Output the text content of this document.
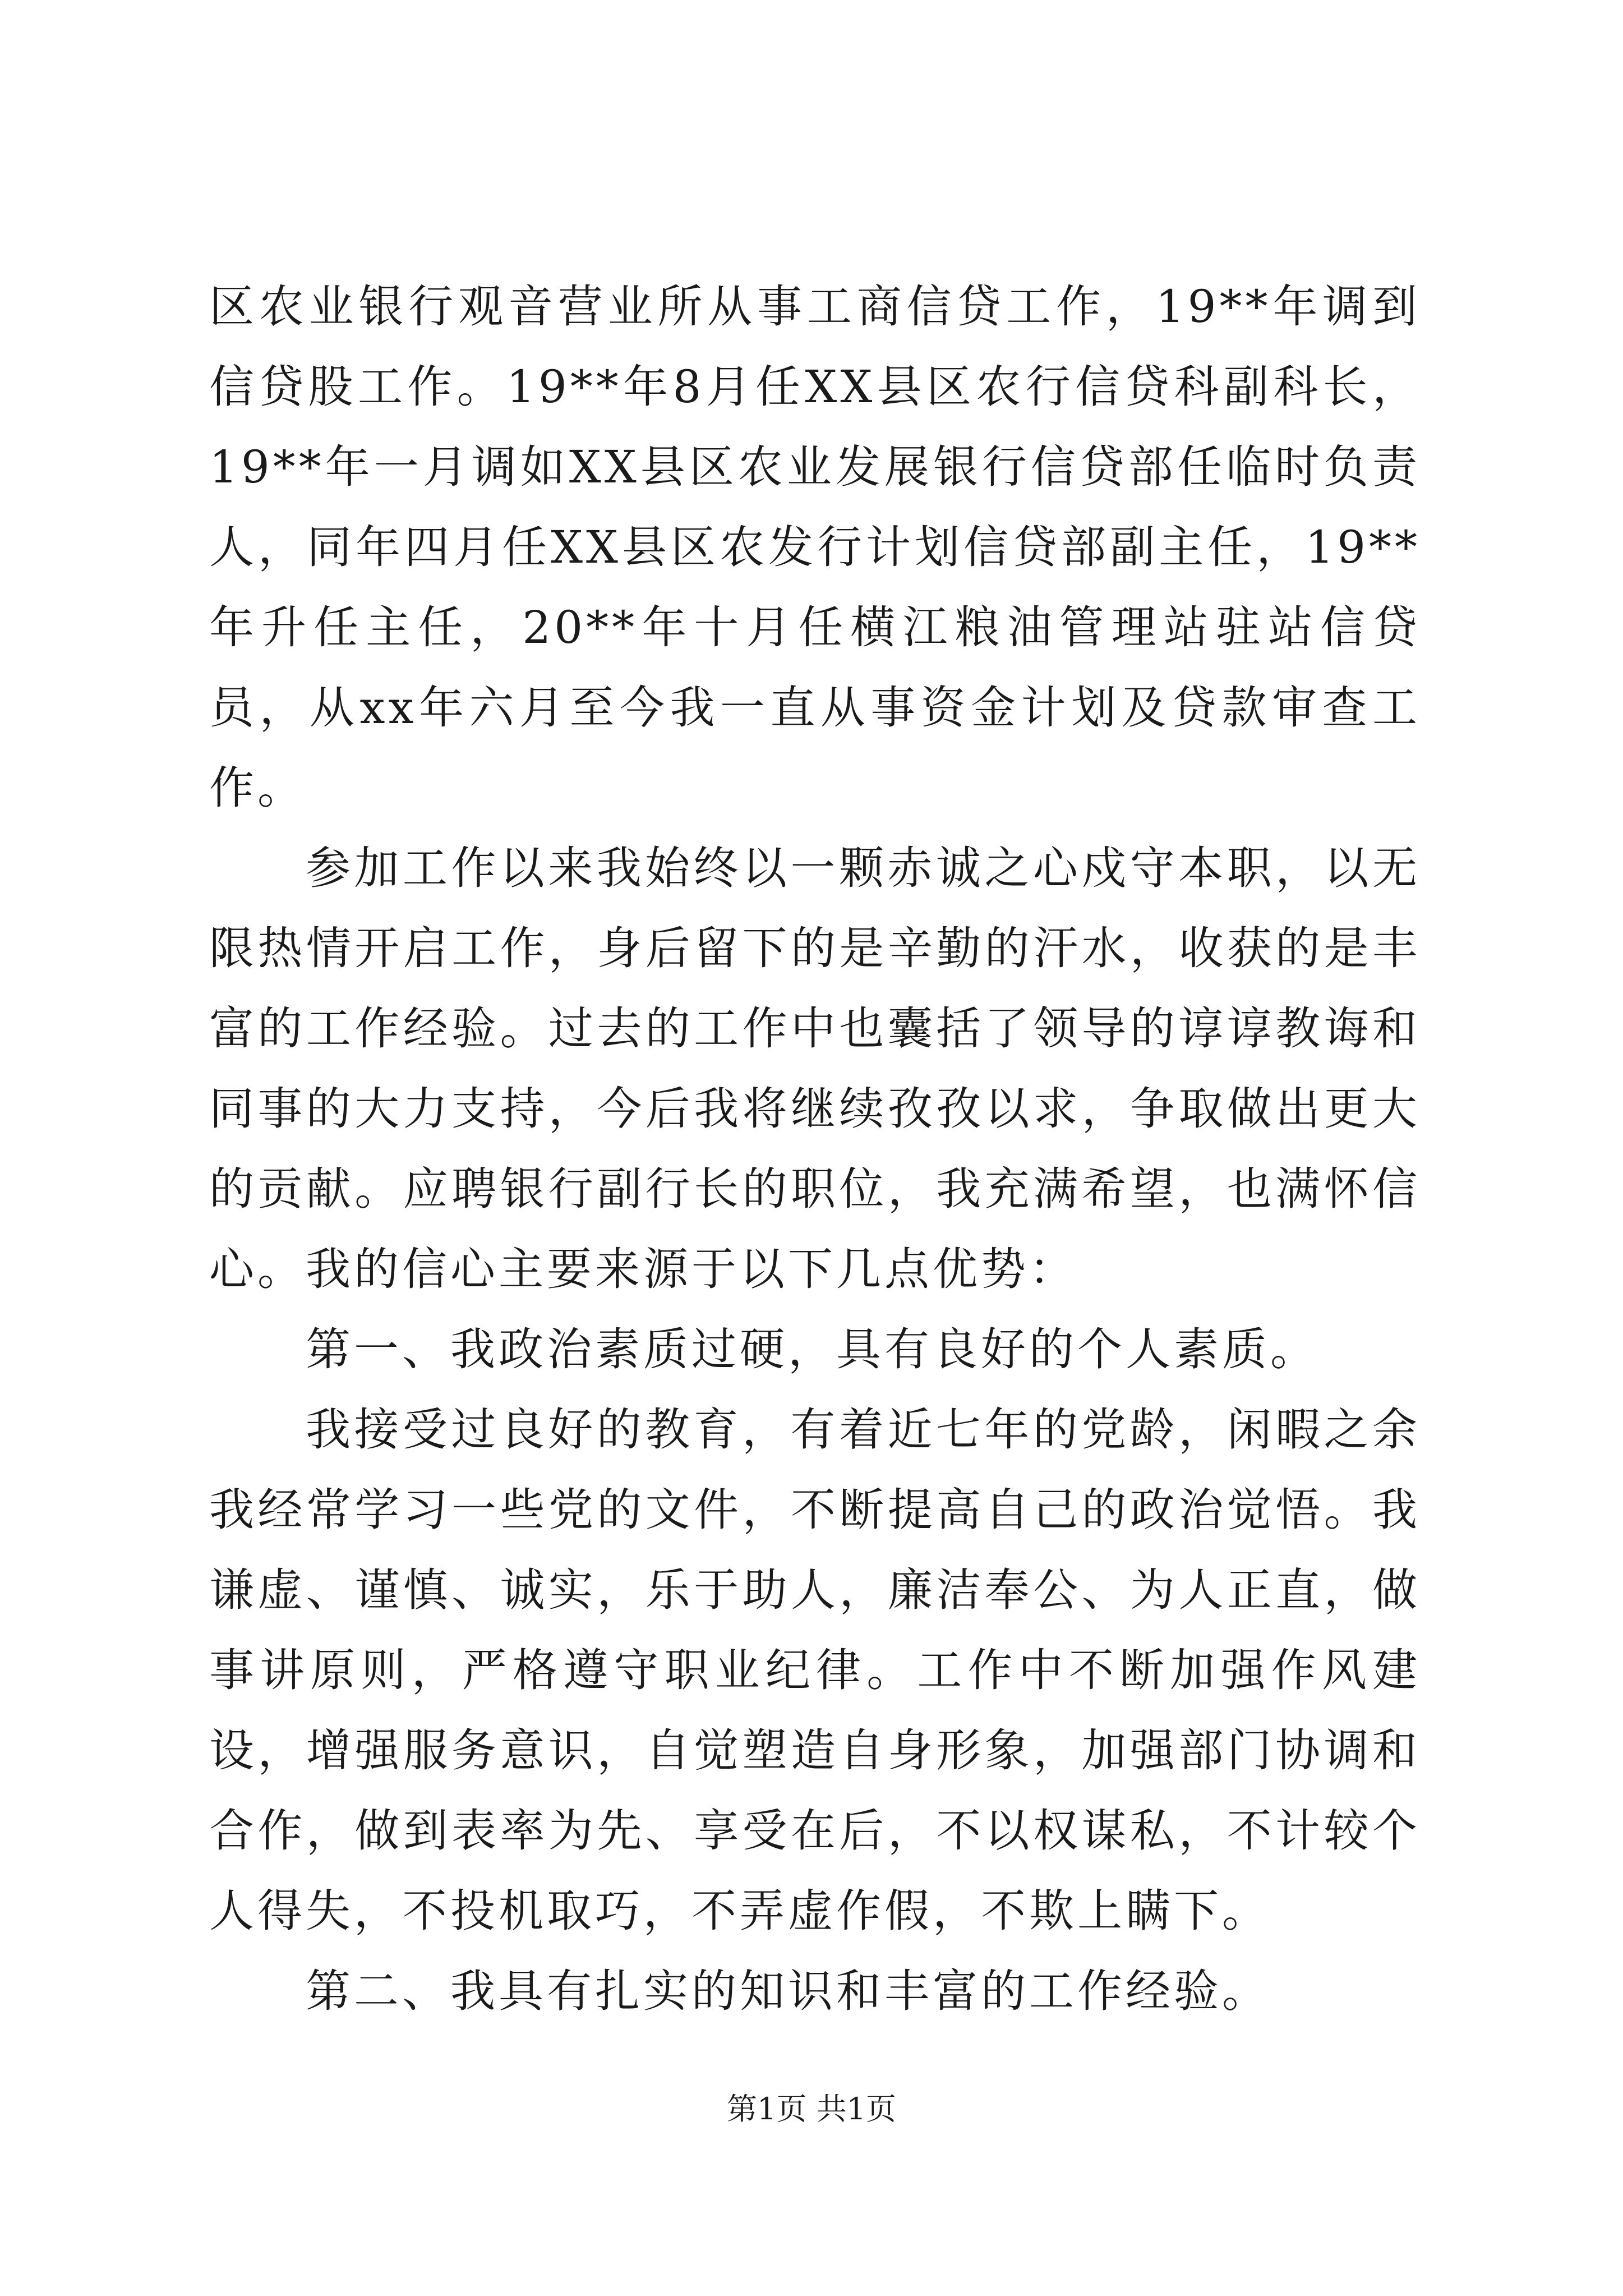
区农业银行观音营业所从事工商信贷工作，19**年调到信贷股工作。19**年8月任XX县区农行信贷科副科长，19**年一月调如XX县区农业发展银行信贷部任临时负责人，同年四月任XX县区农发行计划信贷部副主任，19**年升任主任，20**年十月任横江粮油管理站驻站信贷员，从xx年六月至今我一直从事资金计划及贷款审查工作。

参加工作以来我始终以一颗赤诚之心戍守本职，以无限热情开启工作，身后留下的是辛勤的汗水，收获的是丰富的工作经验。过去的工作中也囊括了领导的谆谆教诲和同事的大力支持，今后我将继续孜孜以求，争取做出更大的贡献。应聘银行副行长的职位，我充满希望，也满怀信心。我的信心主要来源于以下几点优势：

第一、我政治素质过硬，具有良好的个人素质。

我接受过良好的教育，有着近七年的党龄，闲暇之余我经常学习一些党的文件，不断提高自己的政治觉悟。我谦虚、谨慎、诚实，乐于助人，廉洁奉公、为人正直，做事讲原则，严格遵守职业纪律。工作中不断加强作风建设，增强服务意识，自觉塑造自身形象，加强部门协调和合作，做到表率为先、享受在后，不以权谋私，不计较个人得失，不投机取巧，不弄虚作假，不欺上瞒下。

第二、我具有扎实的知识和丰富的工作经验。

第1页 共1页
